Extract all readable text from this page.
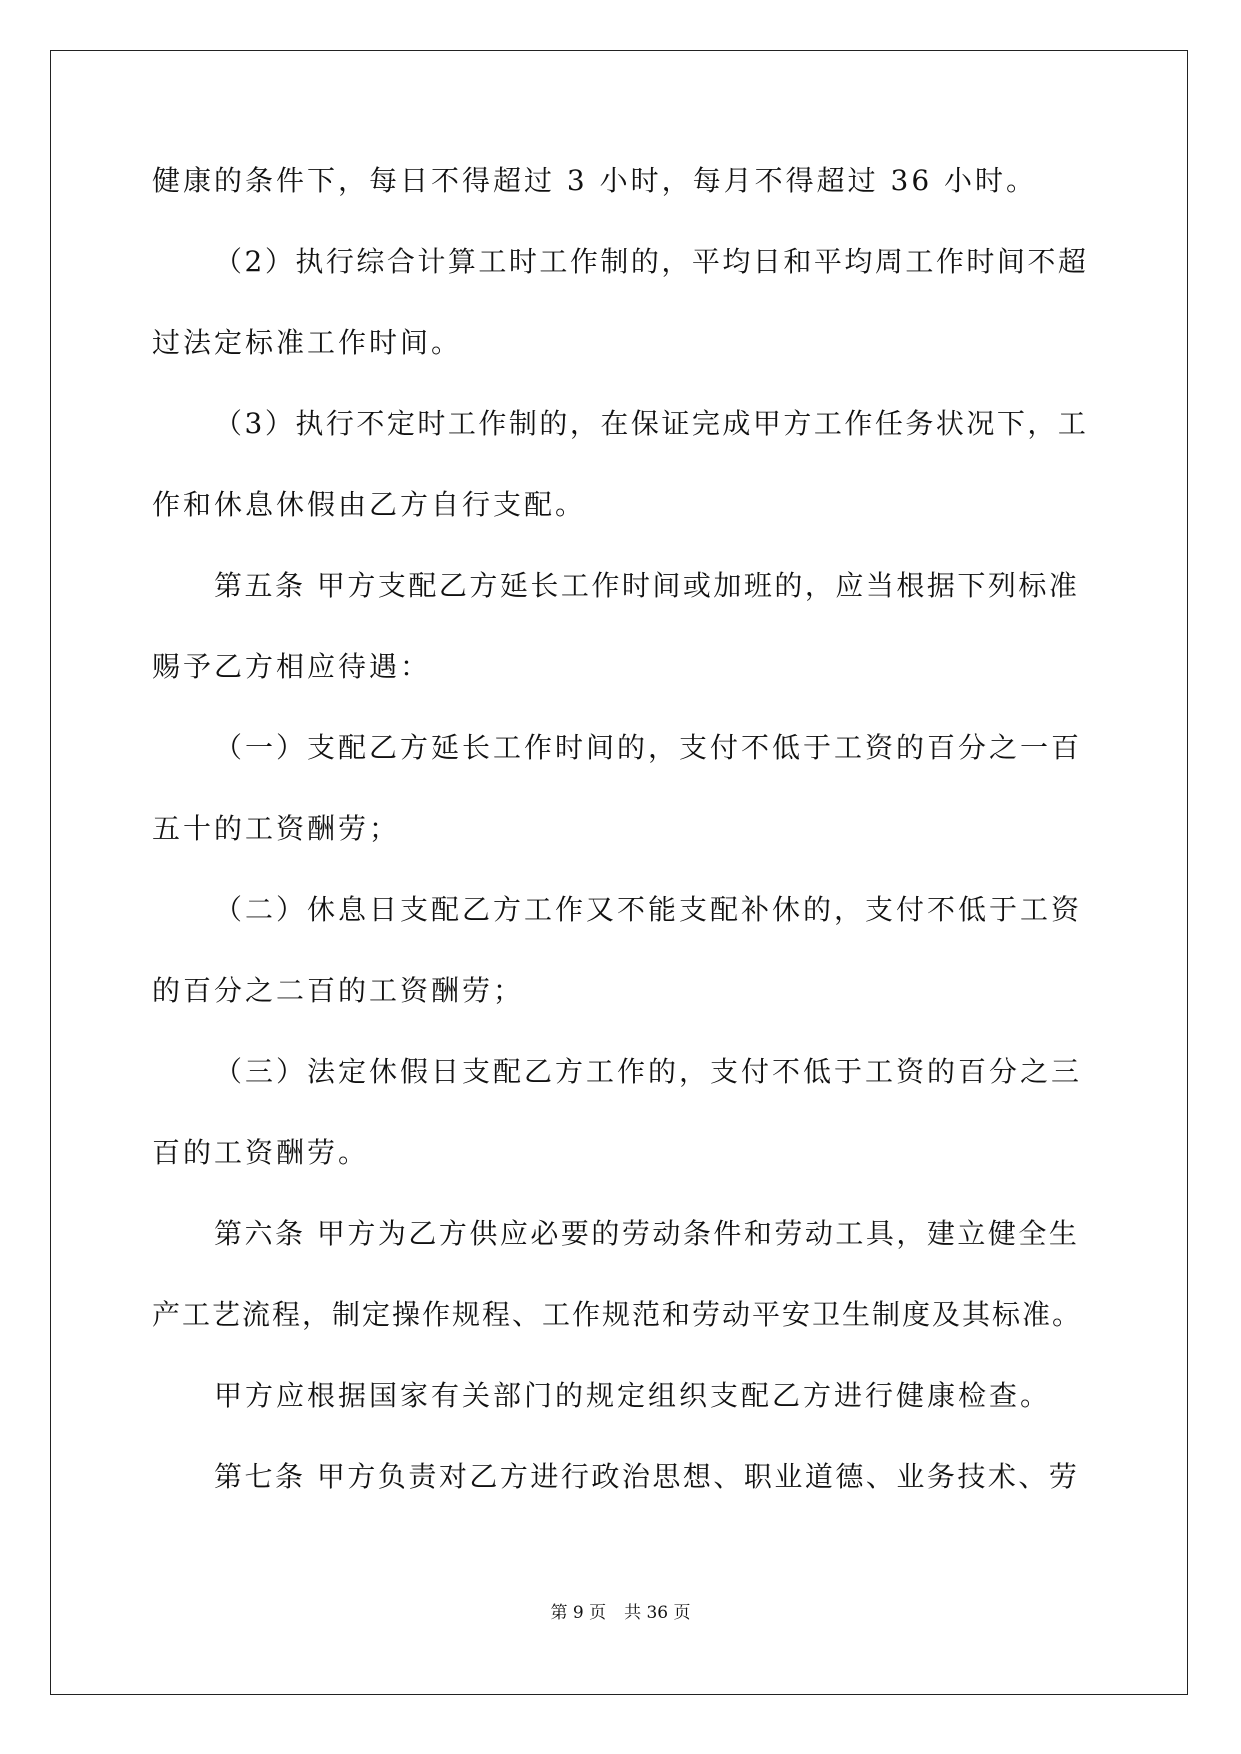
健康的条件下，每日不得超过 3 小时，每月不得超过 36 小时。
（2）执行综合计算工时工作制的，平均日和平均周工作时间不超
过法定标准工作时间。
（3）执行不定时工作制的，在保证完成甲方工作任务状况下，工
作和休息休假由乙方自行支配。
第五条 甲方支配乙方延长工作时间或加班的，应当根据下列标准
赐予乙方相应待遇：
（一）支配乙方延长工作时间的，支付不低于工资的百分之一百
五十的工资酬劳；
（二）休息日支配乙方工作又不能支配补休的，支付不低于工资
的百分之二百的工资酬劳；
（三）法定休假日支配乙方工作的，支付不低于工资的百分之三
百的工资酬劳。
第六条 甲方为乙方供应必要的劳动条件和劳动工具，建立健全生
产工艺流程，制定操作规程、工作规范和劳动平安卫生制度及其标准。
甲方应根据国家有关部门的规定组织支配乙方进行健康检查。
第七条 甲方负责对乙方进行政治思想、职业道德、业务技术、劳
第 9 页 共 36 页
